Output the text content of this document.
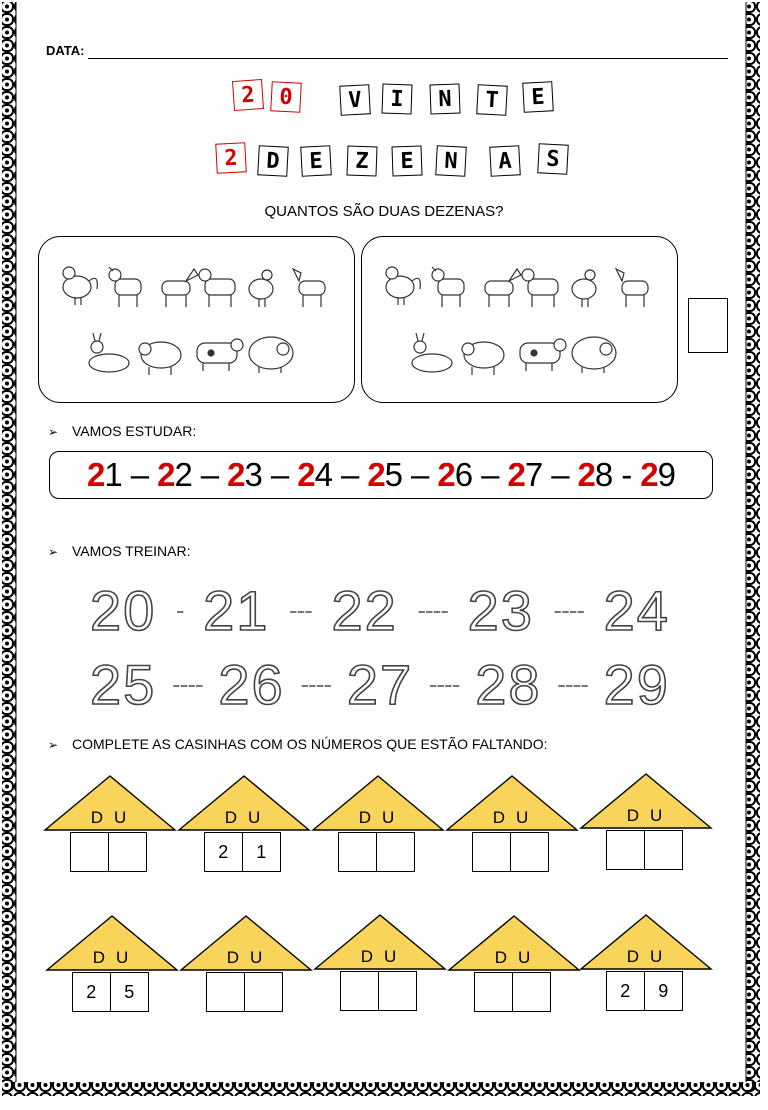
DATA:
2	0	V	I	N	T	E
2	D	E	Z	E	N	A	S
QUANTOS SÃO DUAS DEZENAS?
➢ VAMOS ESTUDAR:
21 – 22 – 23 – 24 – 25 – 26 – 27 – 28 - 29
➢ VAMOS TREINAR:
20 - 21 --- 22 ---- 23 ---- 24
25 ---- 26 ---- 27 ---- 28 ---- 29
➢ COMPLETE AS CASINHAS COM OS NÚMEROS QUE ESTÃO FALTANDO:
DU	DU
2	1
DU	DU	DU
DU
2	5
DU	DU	DU	DU
2	9
